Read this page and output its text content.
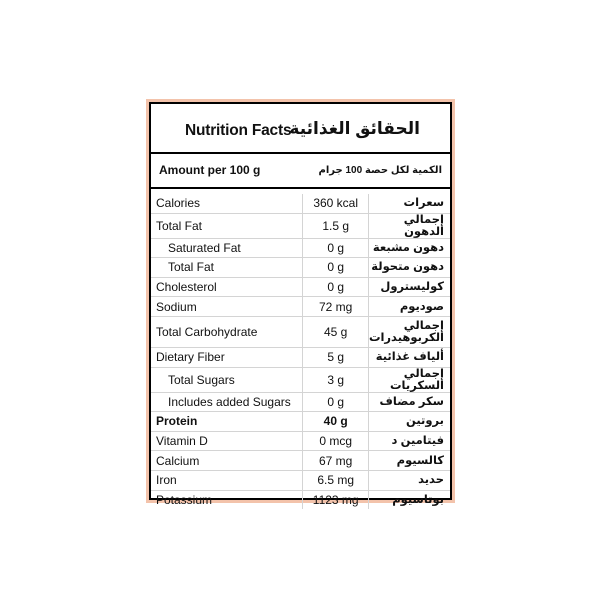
Nutrition Facts
الحقائق الغذائية
Amount per 100 g	الكمية لكل حصة 100 جرام
Calories	360 kcal	سعرات
Total Fat	1.5 g	إجمالي الدهون
Saturated Fat	0 g	دهون مشبعة
Total Fat	0 g	دهون متحولة
Cholesterol	0 g	كوليسترول
Sodium	72 mg	صوديوم
Total Carbohydrate	45 g	إجمالي الكربوهيدرات
Dietary Fiber	5 g	ألياف غذائية
Total Sugars	3 g	إجمالي السكريات
Includes added Sugars	0 g	سكر مضاف
Protein	40 g	بروتين
Vitamin D	0 mcg	فيتامين د
Calcium	67 mg	كالسيوم
Iron	6.5 mg	حديد
Potassium	1123 mg	بوتاسيوم
